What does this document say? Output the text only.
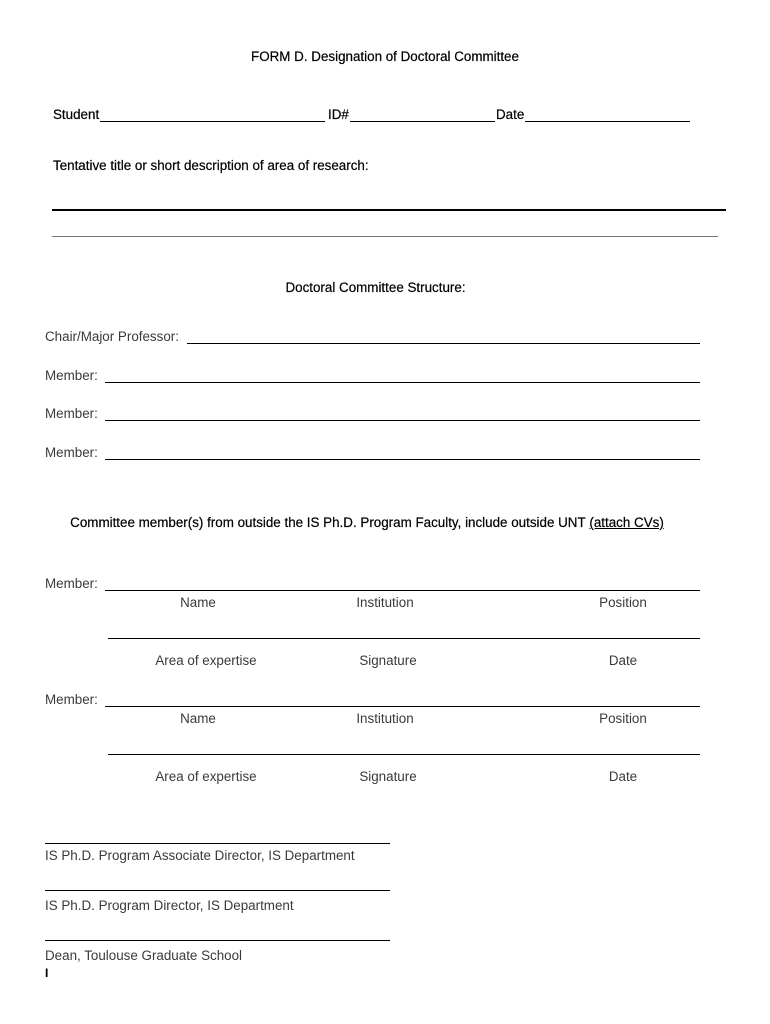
FORM D. Designation of Doctoral Committee
Student	ID#	Date
Tentative title or short description of area of research:
Doctoral Committee Structure:
Chair/Major Professor:
Member:
Member:
Member:
Committee member(s) from outside the IS Ph.D. Program Faculty, include outside UNT (attach CVs)
Member:
Name	Institution	Position
Area of expertise	Signature	Date
Member:
Name	Institution	Position
Area of expertise	Signature	Date
IS Ph.D. Program Associate Director, IS Department
IS Ph.D. Program Director, IS Department
Dean, Toulouse Graduate School
I
